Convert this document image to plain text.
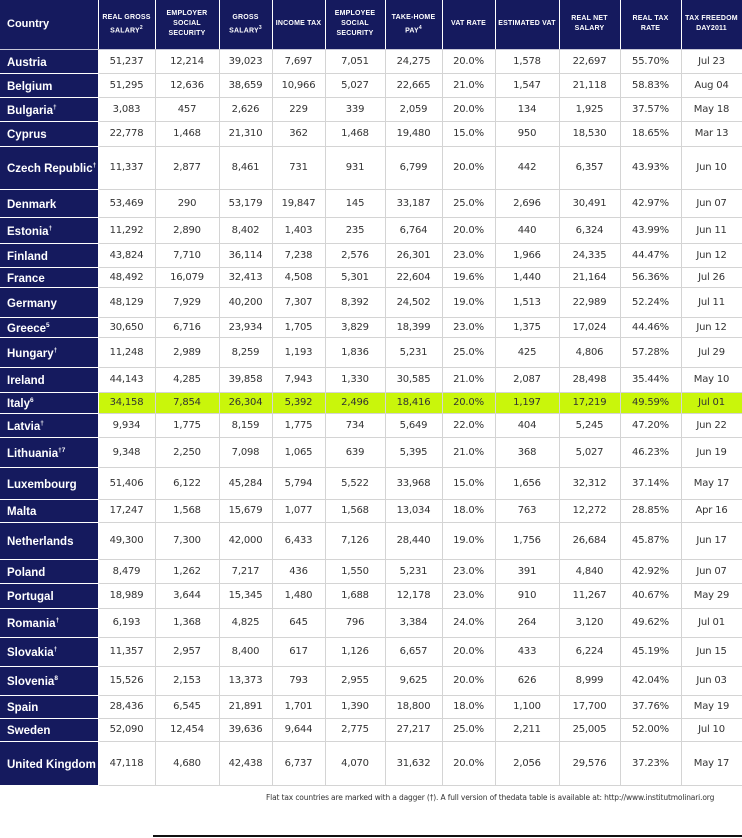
Country	REAL GROSS SALARY$^2$	EMPLOYER SOCIAL SECURITY	GROSS SALARY$^3$	INCOME TAX	EMPLOYEE SOCIAL SECURITY	TAKE-HOME PAY$^4$	VAT RATE	ESTIMATED VAT	REAL NET SALARY	REAL TAX RATE	TAX FREEDOM DAY2011
Austria	51,237	12,214	39,023	7,697	7,051	24,275	20.0%	1,578	22,697	55.70%	Jul 23
Belgium	51,295	12,636	38,659	10,966	5,027	22,665	21.0%	1,547	21,118	58.83%	Aug 04
Bulgaria†	3,083	457	2,626	229	339	2,059	20.0%	134	1,925	37.57%	May 18
Cyprus	22,778	1,468	21,310	362	1,468	19,480	15.0%	950	18,530	18.65%	Mar 13
Czech Republic†	11,337	2,877	8,461	731	931	6,799	20.0%	442	6,357	43.93%	Jun 10
Denmark	53,469	290	53,179	19,847	145	33,187	25.0%	2,696	30,491	42.97%	Jun 07
Estonia†	11,292	2,890	8,402	1,403	235	6,764	20.0%	440	6,324	43.99%	Jun 11
Finland	43,824	7,710	36,114	7,238	2,576	26,301	23.0%	1,966	24,335	44.47%	Jun 12
France	48,492	16,079	32,413	4,508	5,301	22,604	19.6%	1,440	21,164	56.36%	Jul 26
Germany	48,129	7,929	40,200	7,307	8,392	24,502	19.0%	1,513	22,989	52.24%	Jul 11
Greece$^5$	30,650	6,716	23,934	1,705	3,829	18,399	23.0%	1,375	17,024	44.46%	Jun 12
Hungary†	11,248	2,989	8,259	1,193	1,836	5,231	25.0%	425	4,806	57.28%	Jul 29
Ireland	44,143	4,285	39,858	7,943	1,330	30,585	21.0%	2,087	28,498	35.44%	May 10
Italy$^6$	34,158	7,854	26,304	5,392	2,496	18,416	20.0%	1,197	17,219	49.59%	Jul 01
Latvia†	9,934	1,775	8,159	1,775	734	5,649	22.0%	404	5,245	47.20%	Jun 22
Lithuania$^{\dagger 7}$	9,348	2,250	7,098	1,065	639	5,395	21.0%	368	5,027	46.23%	Jun 19
Luxembourg	51,406	6,122	45,284	5,794	5,522	33,968	15.0%	1,656	32,312	37.14%	May 17
Malta	17,247	1,568	15,679	1,077	1,568	13,034	18.0%	763	12,272	28.85%	Apr 16
Netherlands	49,300	7,300	42,000	6,433	7,126	28,440	19.0%	1,756	26,684	45.87%	Jun 17
Poland	8,479	1,262	7,217	436	1,550	5,231	23.0%	391	4,840	42.92%	Jun 07
Portugal	18,989	3,644	15,345	1,480	1,688	12,178	23.0%	910	11,267	40.67%	May 29
Romania†	6,193	1,368	4,825	645	796	3,384	24.0%	264	3,120	49.62%	Jul 01
Slovakia†	11,357	2,957	8,400	617	1,126	6,657	20.0%	433	6,224	45.19%	Jun 15
Slovenia$^8$	15,526	2,153	13,373	793	2,955	9,625	20.0%	626	8,999	42.04%	Jun 03
Spain	28,436	6,545	21,891	1,701	1,390	18,800	18.0%	1,100	17,700	37.76%	May 19
Sweden	52,090	12,454	39,636	9,644	2,775	27,217	25.0%	2,211	25,005	52.00%	Jul 10
United Kingdom	47,118	4,680	42,438	6,737	4,070	31,632	20.0%	2,056	29,576	37.23%	May 17
Flat tax countries are marked with a dagger (†). A full version of thedata table is available at: http://www.institutmolinari.org
